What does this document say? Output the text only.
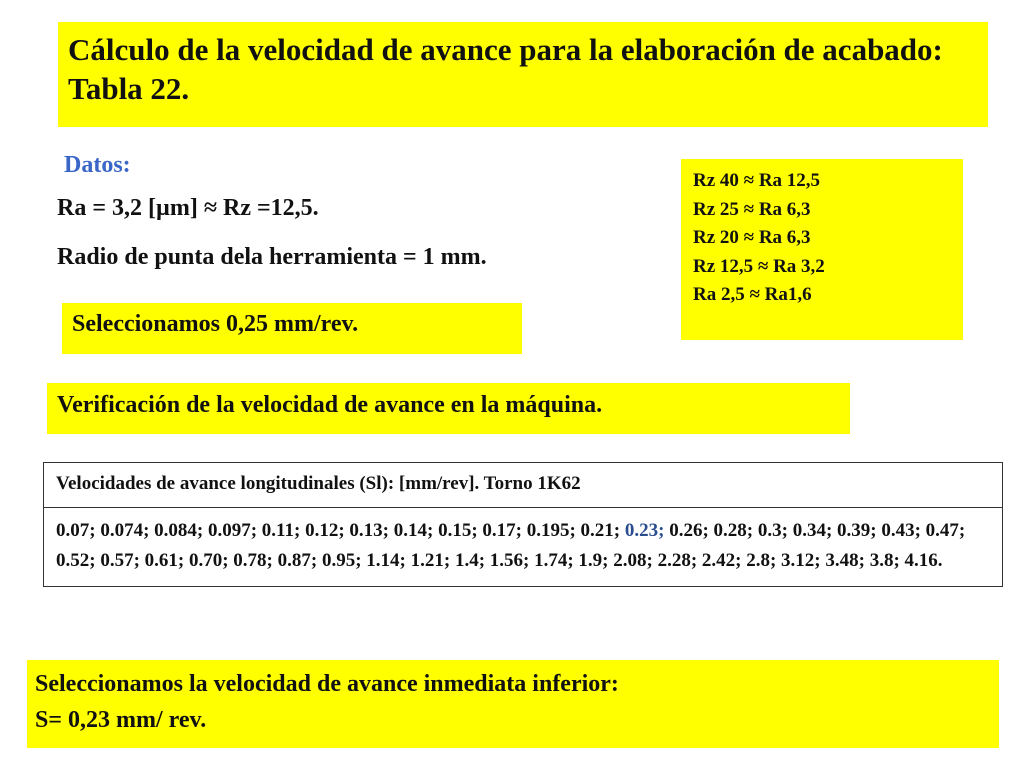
Cálculo de la velocidad de avance para la elaboración de acabado: Tabla 22.

Datos:
Ra = 3,2 [µm] ≈ Rz =12,5.
Radio de punta dela herramienta = 1 mm.
Seleccionamos 0,25 mm/rev.
Rz 40 ≈ Ra 12,5
Rz 25 ≈ Ra 6,3
Rz 20 ≈ Ra 6,3
Rz 12,5 ≈ Ra 3,2
Ra 2,5 ≈ Ra1,6
Verificación de la velocidad de avance en la máquina.
Velocidades de avance longitudinales (Sl): [mm/rev]. Torno 1K62
0.07; 0.074; 0.084; 0.097; 0.11; 0.12; 0.13; 0.14; 0.15; 0.17; 0.195; 0.21; 0.23; 0.26; 0.28; 0.3; 0.34; 0.39; 0.43; 0.47; 0.52; 0.57; 0.61; 0.70; 0.78; 0.87; 0.95; 1.14; 1.21; 1.4; 1.56; 1.74; 1.9; 2.08; 2.28; 2.42; 2.8; 3.12; 3.48; 3.8; 4.16.
Seleccionamos la velocidad de avance inmediata inferior:
S= 0,23 mm/ rev.
